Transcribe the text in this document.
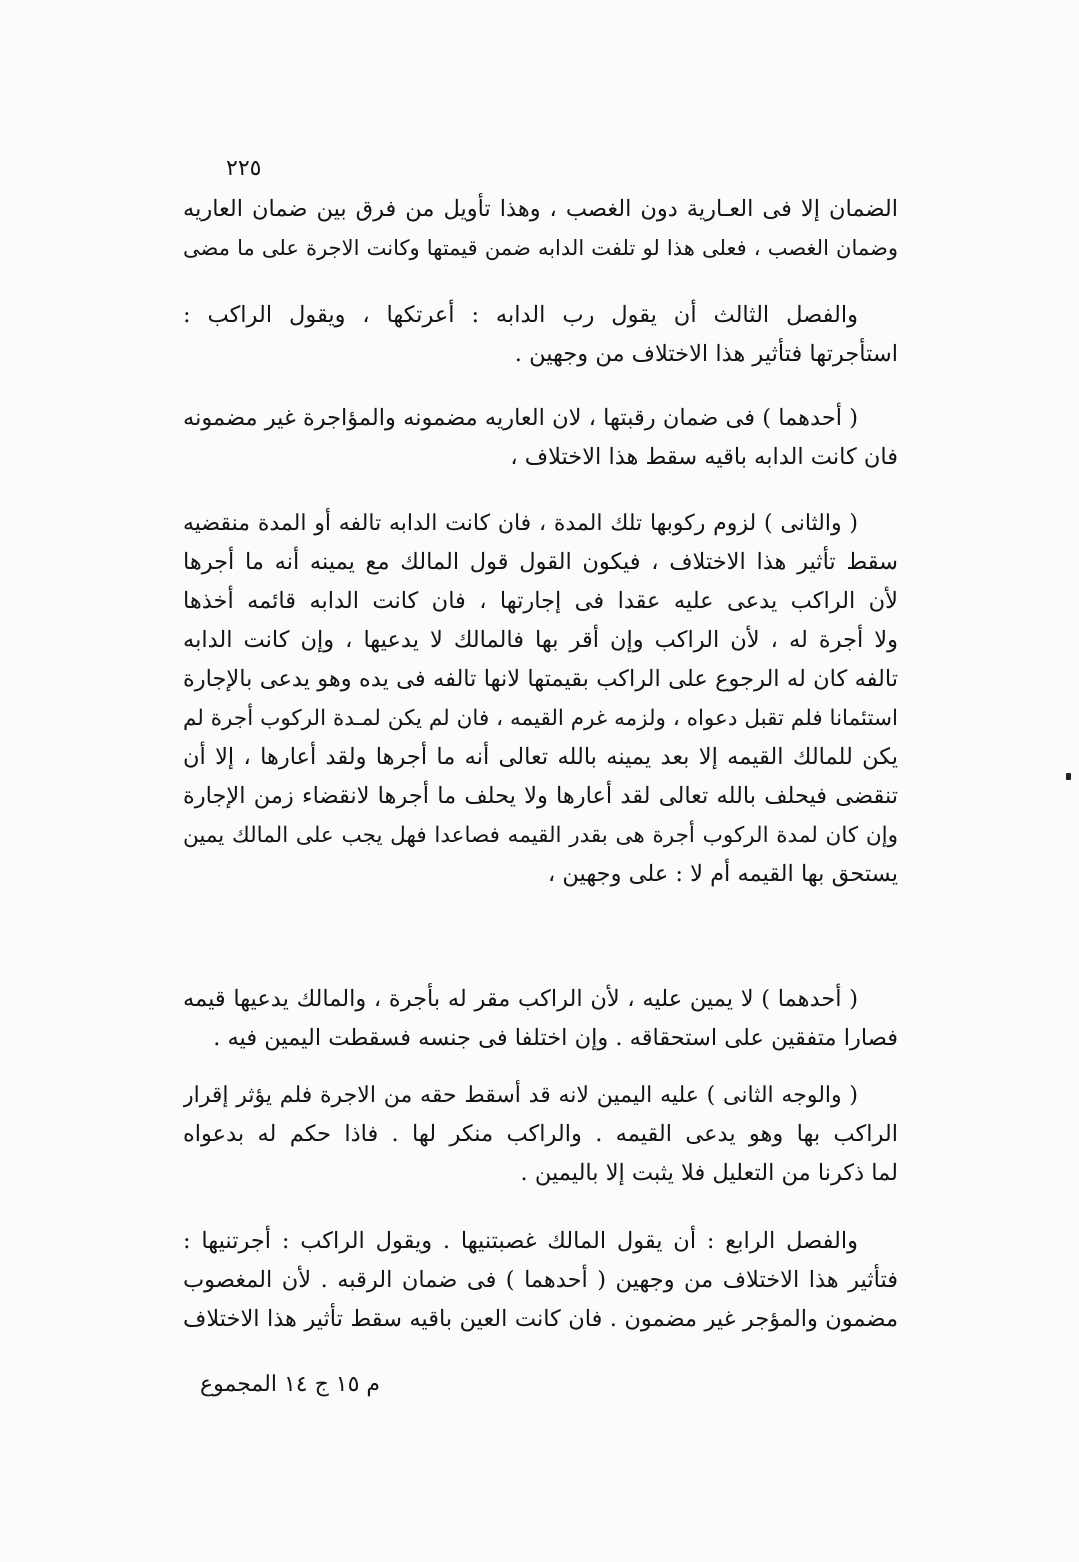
٢٢٥
الضمان إلا فى العـارية دون الغصب ، وهذا تأويل من فرق بين ضمان العاريه
وضمان الغصب ، فعلى هذا لو تلفت الدابه ضمن قيمتها وكانت الاجرة على ما مضى
والفصل الثالث أن يقول رب الدابه : أعرتكها ، ويقول الراكب :
استأجرتها فتأثير هذا الاختلاف من وجهين .
( أحدهما ) فى ضمان رقبتها ، لان العاريه مضمونه والمؤاجرة غير مضمونه
فان كانت الدابه باقيه سقط هذا الاختلاف ،
( والثانى ) لزوم ركوبها تلك المدة ، فان كانت الدابه تالفه أو المدة منقضيه
سقط تأثير هذا الاختلاف ، فيكون القول قول المالك مع يمينه أنه ما أجرها
لأن الراكب يدعى عليه عقدا فى إجارتها ، فان كانت الدابه قائمه أخذها
ولا أجرة له ، لأن الراكب وإن أقر بها فالمالك لا يدعيها ، وإن كانت الدابه
تالفه كان له الرجوع على الراكب بقيمتها لانها تالفه فى يده وهو يدعى بالإجارة
استئمانا فلم تقبل دعواه ، ولزمه غرم القيمه ، فان لم يكن لمـدة الركوب أجرة لم
يكن للمالك القيمه إلا بعد يمينه بالله تعالى أنه ما أجرها ولقد أعارها ، إلا أن
تنقضى فيحلف بالله تعالى لقد أعارها ولا يحلف ما أجرها لانقضاء زمن الإجارة
وإن كان لمدة الركوب أجرة هى بقدر القيمه فصاعدا فهل يجب على المالك يمين
يستحق بها القيمه أم لا : على وجهين ،
( أحدهما ) لا يمين عليه ، لأن الراكب مقر له بأجرة ، والمالك يدعيها قيمه
فصارا متفقين على استحقاقه . وإن اختلفا فى جنسه فسقطت اليمين فيه .
( والوجه الثانى ) عليه اليمين لانه قد أسقط حقه من الاجرة فلم يؤثر إقرار
الراكب بها وهو يدعى القيمه . والراكب منكر لها . فاذا حكم له بدعواه
لما ذكرنا من التعليل فلا يثبت إلا باليمين .
والفصل الرابع : أن يقول المالك غصبتنيها . ويقول الراكب : أجرتنيها :
فتأثير هذا الاختلاف من وجهين ( أحدهما ) فى ضمان الرقبه . لأن المغصوب
مضمون والمؤجر غير مضمون . فان كانت العين باقيه سقط تأثير هذا الاختلاف
م ١٥ ج ١٤ المجموع
